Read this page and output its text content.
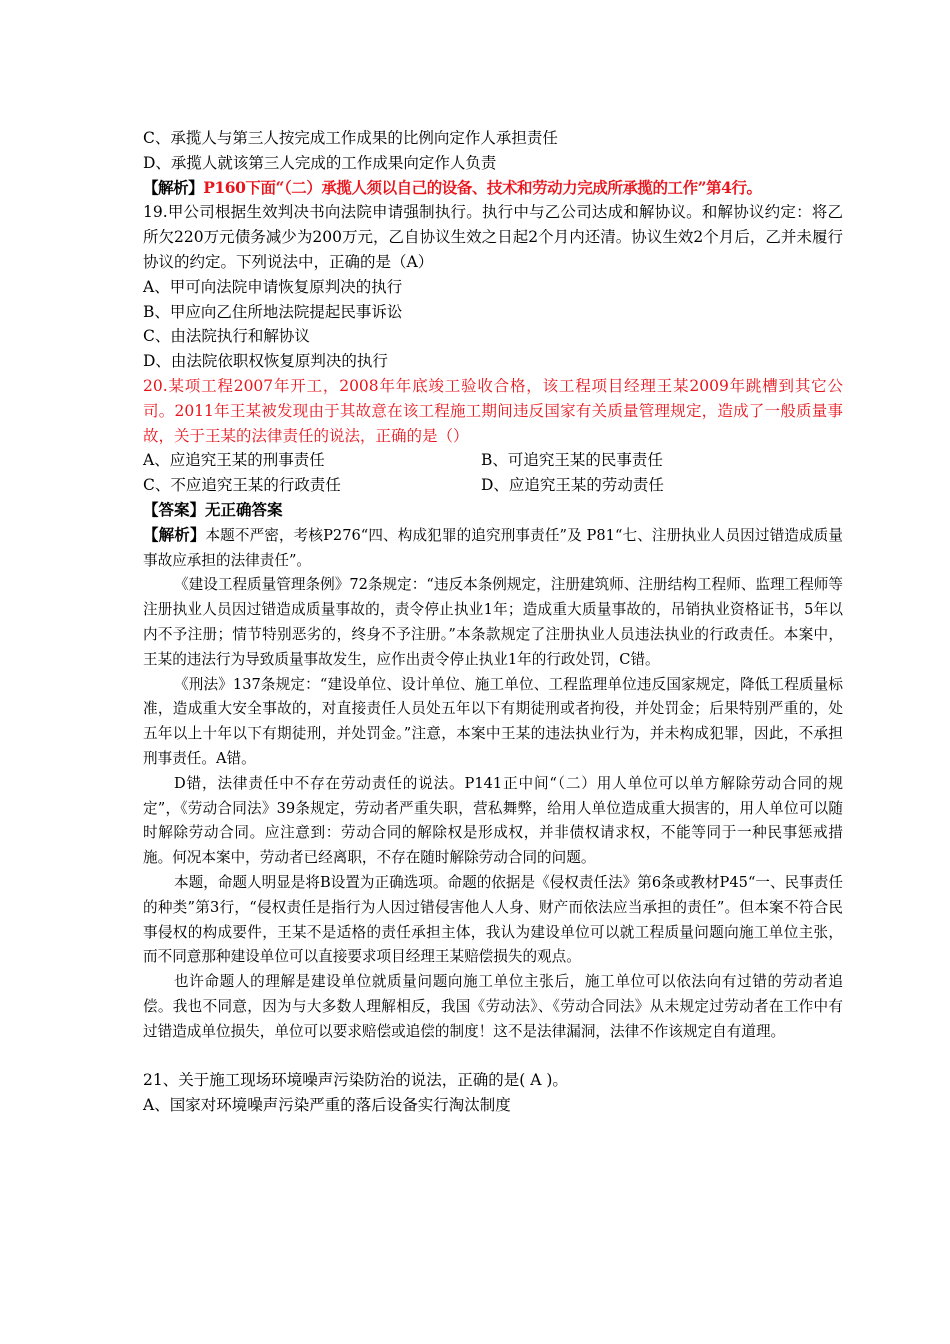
C、承揽人与第三人按完成工作成果的比例向定作人承担责任
D、承揽人就该第三人完成的工作成果向定作人负责
【解析】P160下面“（二）承揽人须以自己的设备、技术和劳动力完成所承揽的工作”第4行。
19.甲公司根据生效判决书向法院申请强制执行。执行中与乙公司达成和解协议。和解协议约定：将乙所欠220万元债务减少为200万元，乙自协议生效之日起2个月内还清。协议生效2个月后，乙并未履行协议的约定。下列说法中，正确的是（A）
A、甲可向法院申请恢复原判决的执行
B、甲应向乙住所地法院提起民事诉讼
C、由法院执行和解协议
D、由法院依职权恢复原判决的执行
20.某项工程2007年开工，2008年年底竣工验收合格，该工程项目经理王某2009年跳槽到其它公司。2011年王某被发现由于其故意在该工程施工期间违反国家有关质量管理规定，造成了一般质量事故，关于王某的法律责任的说法，正确的是（）
A、应追究王某的刑事责任	B、可追究王某的民事责任
C、不应追究王某的行政责任	D、应追究王某的劳动责任
【答案】无正确答案
【解析】本题不严密，考核P276“四、构成犯罪的追究刑事责任”及 P81“七、注册执业人员因过错造成质量事故应承担的法律责任”。
《建设工程质量管理条例》72条规定：“违反本条例规定，注册建筑师、注册结构工程师、监理工程师等注册执业人员因过错造成质量事故的，责令停止执业1年；造成重大质量事故的，吊销执业资格证书，5年以内不予注册；情节特别恶劣的，终身不予注册。”本条款规定了注册执业人员违法执业的行政责任。本案中，王某的违法行为导致质量事故发生，应作出责令停止执业1年的行政处罚，C错。
《刑法》137条规定：“建设单位、设计单位、施工单位、工程监理单位违反国家规定，降低工程质量标准，造成重大安全事故的，对直接责任人员处五年以下有期徒刑或者拘役，并处罚金；后果特别严重的，处五年以上十年以下有期徒刑，并处罚金。”注意，本案中王某的违法执业行为，并未构成犯罪，因此，不承担刑事责任。A错。
D错，法律责任中不存在劳动责任的说法。P141正中间“（二）用人单位可以单方解除劳动合同的规定”，《劳动合同法》39条规定，劳动者严重失职，营私舞弊，给用人单位造成重大损害的，用人单位可以随时解除劳动合同。应注意到：劳动合同的解除权是形成权，并非债权请求权，不能等同于一种民事惩戒措施。何况本案中，劳动者已经离职，不存在随时解除劳动合同的问题。
本题，命题人明显是将B设置为正确选项。命题的依据是《侵权责任法》第6条或教材P45“一、民事责任的种类”第3行，“侵权责任是指行为人因过错侵害他人人身、财产而依法应当承担的责任”。但本案不符合民事侵权的构成要件，王某不是适格的责任承担主体，我认为建设单位可以就工程质量问题向施工单位主张，而不同意那种建设单位可以直接要求项目经理王某赔偿损失的观点。
也许命题人的理解是建设单位就质量问题向施工单位主张后，施工单位可以依法向有过错的劳动者追偿。我也不同意，因为与大多数人理解相反，我国《劳动法》、《劳动合同法》从未规定过劳动者在工作中有过错造成单位损失，单位可以要求赔偿或追偿的制度！这不是法律漏洞，法律不作该规定自有道理。
21、关于施工现场环境噪声污染防治的说法，正确的是( A )。
A、国家对环境噪声污染严重的落后设备实行淘汰制度
